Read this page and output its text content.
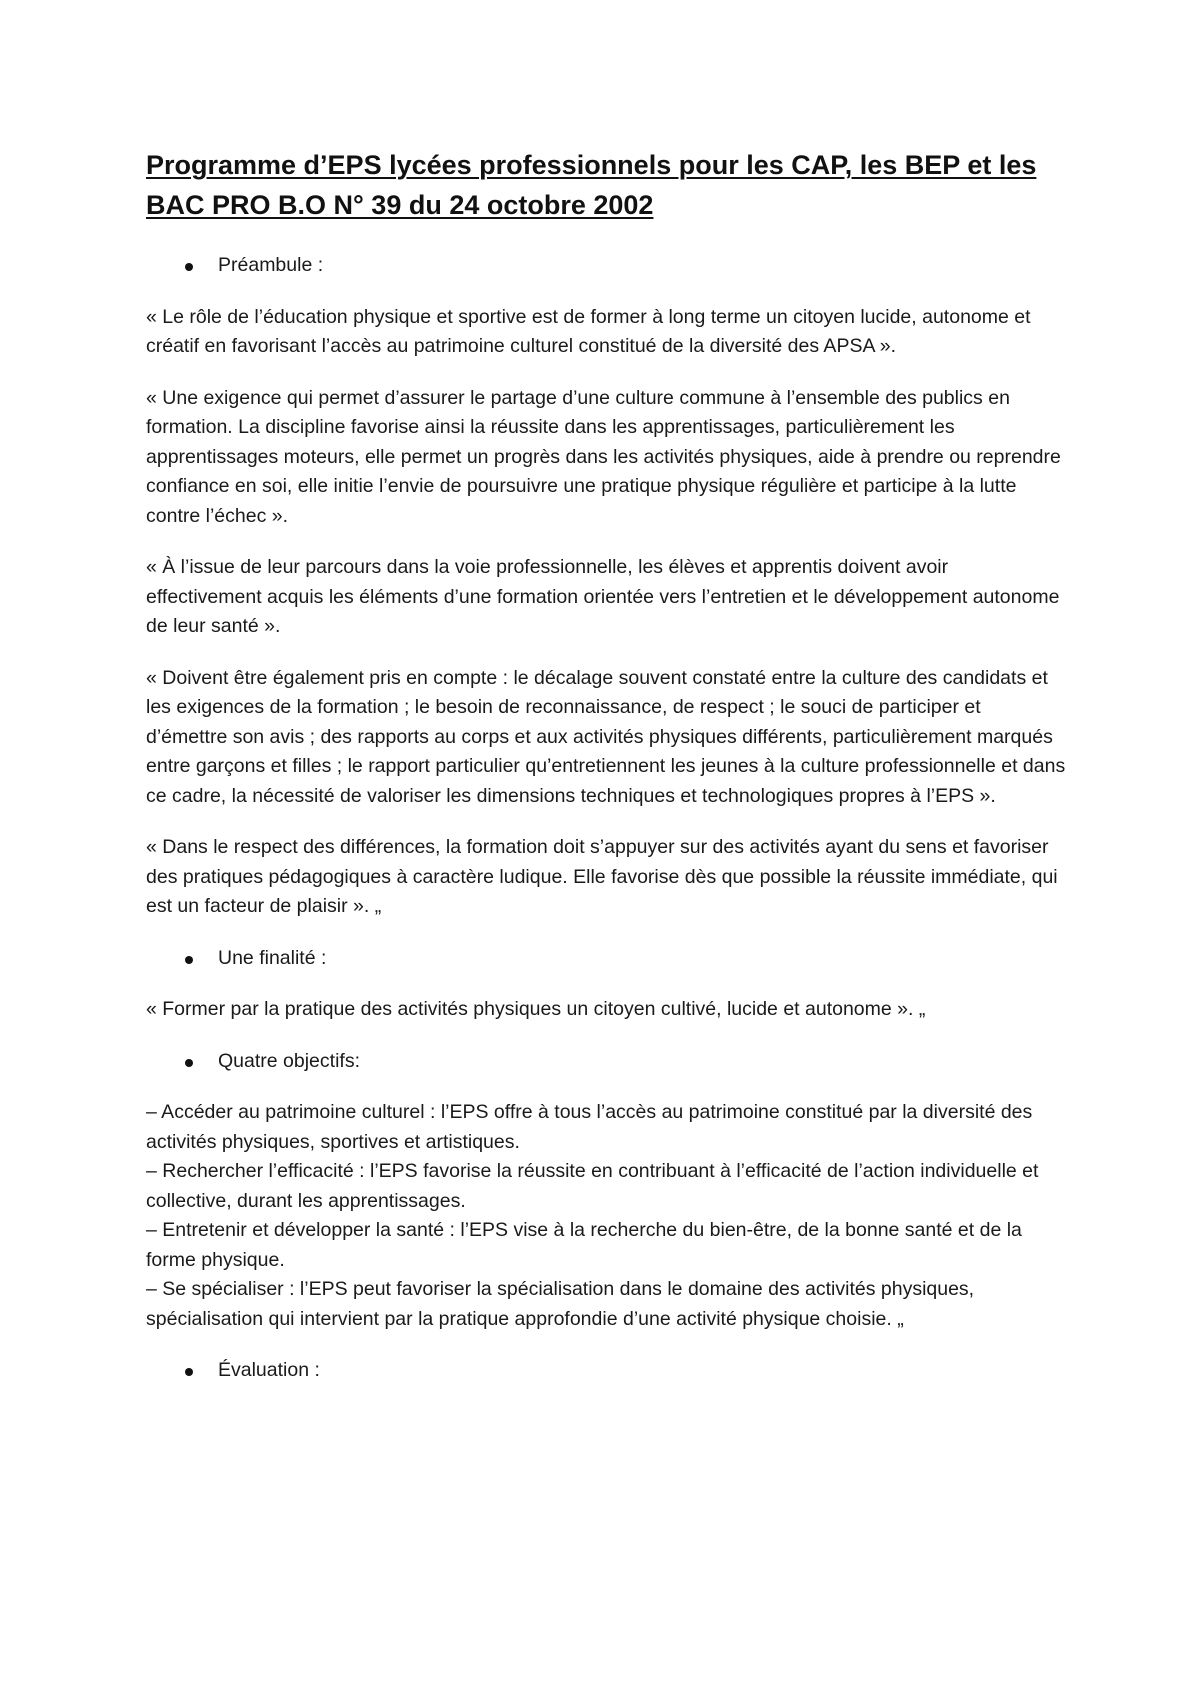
Programme d’EPS lycées professionnels pour les CAP, les BEP et les BAC PRO B.O N° 39 du 24 octobre 2002
Préambule :

« Le rôle de l’éducation physique et sportive est de former à long terme un citoyen lucide, autonome et créatif en favorisant l’accès au patrimoine culturel constitué de la diversité des APSA ».

« Une exigence qui permet d’assurer le partage d’une culture commune à l’ensemble des publics en formation. La discipline favorise ainsi la réussite dans les apprentissages, particulièrement les apprentissages moteurs, elle permet un progrès dans les activités physiques, aide à prendre ou reprendre confiance en soi, elle initie l’envie de poursuivre une pratique physique régulière et participe à la lutte contre l’échec ».

« À l’issue de leur parcours dans la voie professionnelle, les élèves et apprentis doivent avoir effectivement acquis les éléments d’une formation orientée vers l’entretien et le développement autonome de leur santé ».

« Doivent être également pris en compte : le décalage souvent constaté entre la culture des candidats et les exigences de la formation ; le besoin de reconnaissance, de respect ; le souci de participer et d’émettre son avis ; des rapports au corps et aux activités physiques différents, particulièrement marqués entre garçons et filles ; le rapport particulier qu’entretiennent les jeunes à la culture professionnelle et dans ce cadre, la nécessité de valoriser les dimensions techniques et technologiques propres à l’EPS ».

« Dans le respect des différences, la formation doit s’appuyer sur des activités ayant du sens et favoriser des pratiques pédagogiques à caractère ludique. Elle favorise dès que possible la réussite immédiate, qui est un facteur de plaisir ». „

Une finalité :

« Former par la pratique des activités physiques un citoyen cultivé, lucide et autonome ». „

Quatre objectifs:

– Accéder au patrimoine culturel : l’EPS offre à tous l’accès au patrimoine constitué par la diversité des activités physiques, sportives et artistiques.
– Rechercher l’efficacité : l’EPS favorise la réussite en contribuant à l’efficacité de l’action individuelle et collective, durant les apprentissages.
– Entretenir et développer la santé : l’EPS vise à la recherche du bien-être, de la bonne santé et de la forme physique.
– Se spécialiser : l’EPS peut favoriser la spécialisation dans le domaine des activités physiques, spécialisation qui intervient par la pratique approfondie d’une activité physique choisie. „

Évaluation :
